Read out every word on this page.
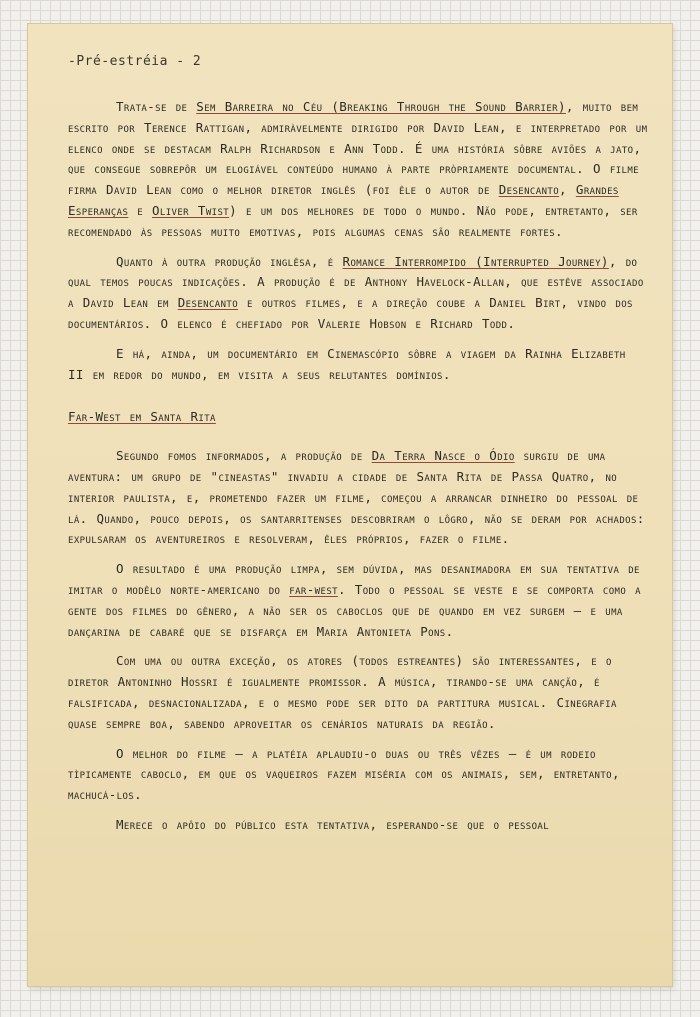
-Pré-estréia - 2

Trata-se de Sem Barreira no Céu (Breaking Through the Sound Barrier), muito bem escrito por Terence Rattigan, admiràvelmente dirigido por David Lean, e interpretado por um elenco onde se destacam Ralph Richardson e Ann Todd. É uma história sôbre aviões a jato, que consegue sobrepôr um elogiável conteúdo humano à parte pròpriamente documental. O filme firma David Lean como o melhor diretor inglês (foi êle o autor de Desencanto, Grandes Esperanças e Oliver Twist) e um dos melhores de todo o mundo. Não pode, entretanto, ser recomendado às pessoas muito emotivas, pois algumas cenas são realmente fortes.

Quanto à outra produção inglêsa, é Romance Interrompido (Interrupted Journey), do qual temos poucas indicações. A produção é de Anthony Havelock-Allan, que estêve associado a David Lean em Desencanto e outros filmes, e a direção coube a Daniel Birt, vindo dos documentários. O elenco é chefiado por Valerie Hobson e Richard Todd.

E há, ainda, um documentário em Cinemascópio sôbre a viagem da Rainha Elizabeth II em redor do mundo, em visita a seus relutantes domínios.

Far-West em Santa Rita

Segundo fomos informados, a produção de Da Terra Nasce o Ódio surgiu de uma aventura: um grupo de "cineastas" invadiu a cidade de Santa Rita de Passa Quatro, no interior paulista, e, prometendo fazer um filme, começou a arrancar dinheiro do pessoal de lá. Quando, pouco depois, os santarritenses descobriram o lôgro, não se deram por achados: expulsaram os aventureiros e resolveram, êles próprios, fazer o filme.

O resultado é uma produção limpa, sem dúvida, mas desanimadora em sua tentativa de imitar o modêlo norte-americano do far-west. Todo o pessoal se veste e se comporta como a gente dos filmes do gênero, a não ser os caboclos que de quando em vez surgem — e uma dançarina de cabaré que se disfarça em Maria Antonieta Pons.

Com uma ou outra exceção, os atores (todos estreantes) são interessantes, e o diretor Antoninho Hossri é igualmente promissor. A música, tirando-se uma canção, é falsificada, desnacionalizada, e o mesmo pode ser dito da partitura musical. Cinegrafia quase sempre boa, sabendo aproveitar os cenários naturais da região.

O melhor do filme — a platéia aplaudiu-o duas ou três vêzes — é um rodeio tìpicamente caboclo, em que os vaqueiros fazem miséria com os animais, sem, entretanto, machucá-los.

Merece o apôio do público esta tentativa, esperando-se que o pessoal
